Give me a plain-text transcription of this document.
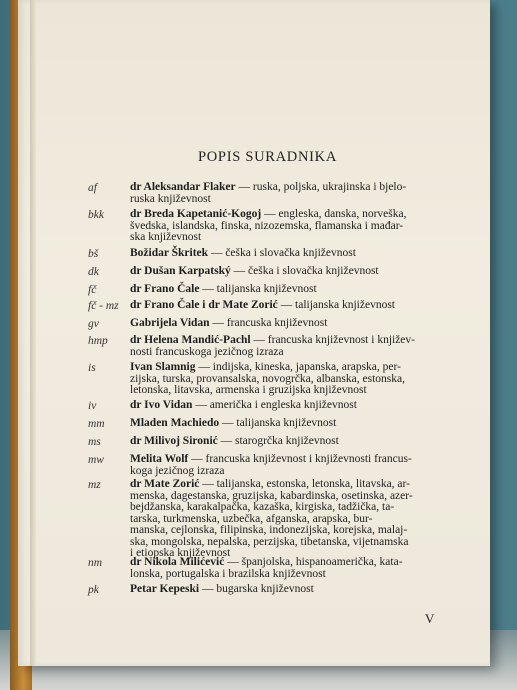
POPIS SURADNIKA
af	dr Aleksandar Flaker — ruska, poljska, ukrajinska i bjelo-
ruska književnost
bkk dr Breda Kapetanić-Kogoj — engleska, danska, norveška,
švedska, islandska, finska, nizozemska, flamanska i mađar-
ska književnost
bš	Božidar Škritek — češka i slovačka književnost
dk	dr Dušan Karpatský — češka i slovačka književnost
fč	dr Frano Čale — talijanska književnost
fč - mz dr Frano Čale i dr Mate Zorić — talijanska književnost
gv	Gabrijela Vidan — francuska književnost
hmp dr Helena Mandić-Pachl — francuska književnost i književ-
nosti francuskoga jezičnog izraza
is	Ivan Slamnig — indijska, kineska, japanska, arapska, per-
zijska, turska, provansalska, novogrčka, albanska, estonska,
letonska, litavska, armenska i gruzijska književnost
iv	dr Ivo Vidan — američka i engleska književnost
mm Mladen Machiedo — talijanska književnost
ms	dr Milivoj Sironić — starogrčka književnost
mw Melita Wolf — francuska književnost i književnosti francus-
koga jezičnog izraza
mz	dr Mate Zorić — talijanska, estonska, letonska, litavska, ar-
menska, dagestanska, gruzijska, kabardinska, osetinska, azer-
bejdžanska, karakalpačka, kazaška, kirgiska, tadžička, ta-
tarska, turkmenska, uzbečka, afganska, arapska, bur-
manska, cejlonska, filipinska, indonezijska, korejska, malaj-
ska, mongolska, nepalska, perzijska, tibetanska, vijetnamska
i etiopska književnost
nm dr Nikola Milićević — španjolska, hispanoamerička, kata-
lonska, portugalska i brazilska književnost
pk	Petar Kepeski — bugarska književnost
V
